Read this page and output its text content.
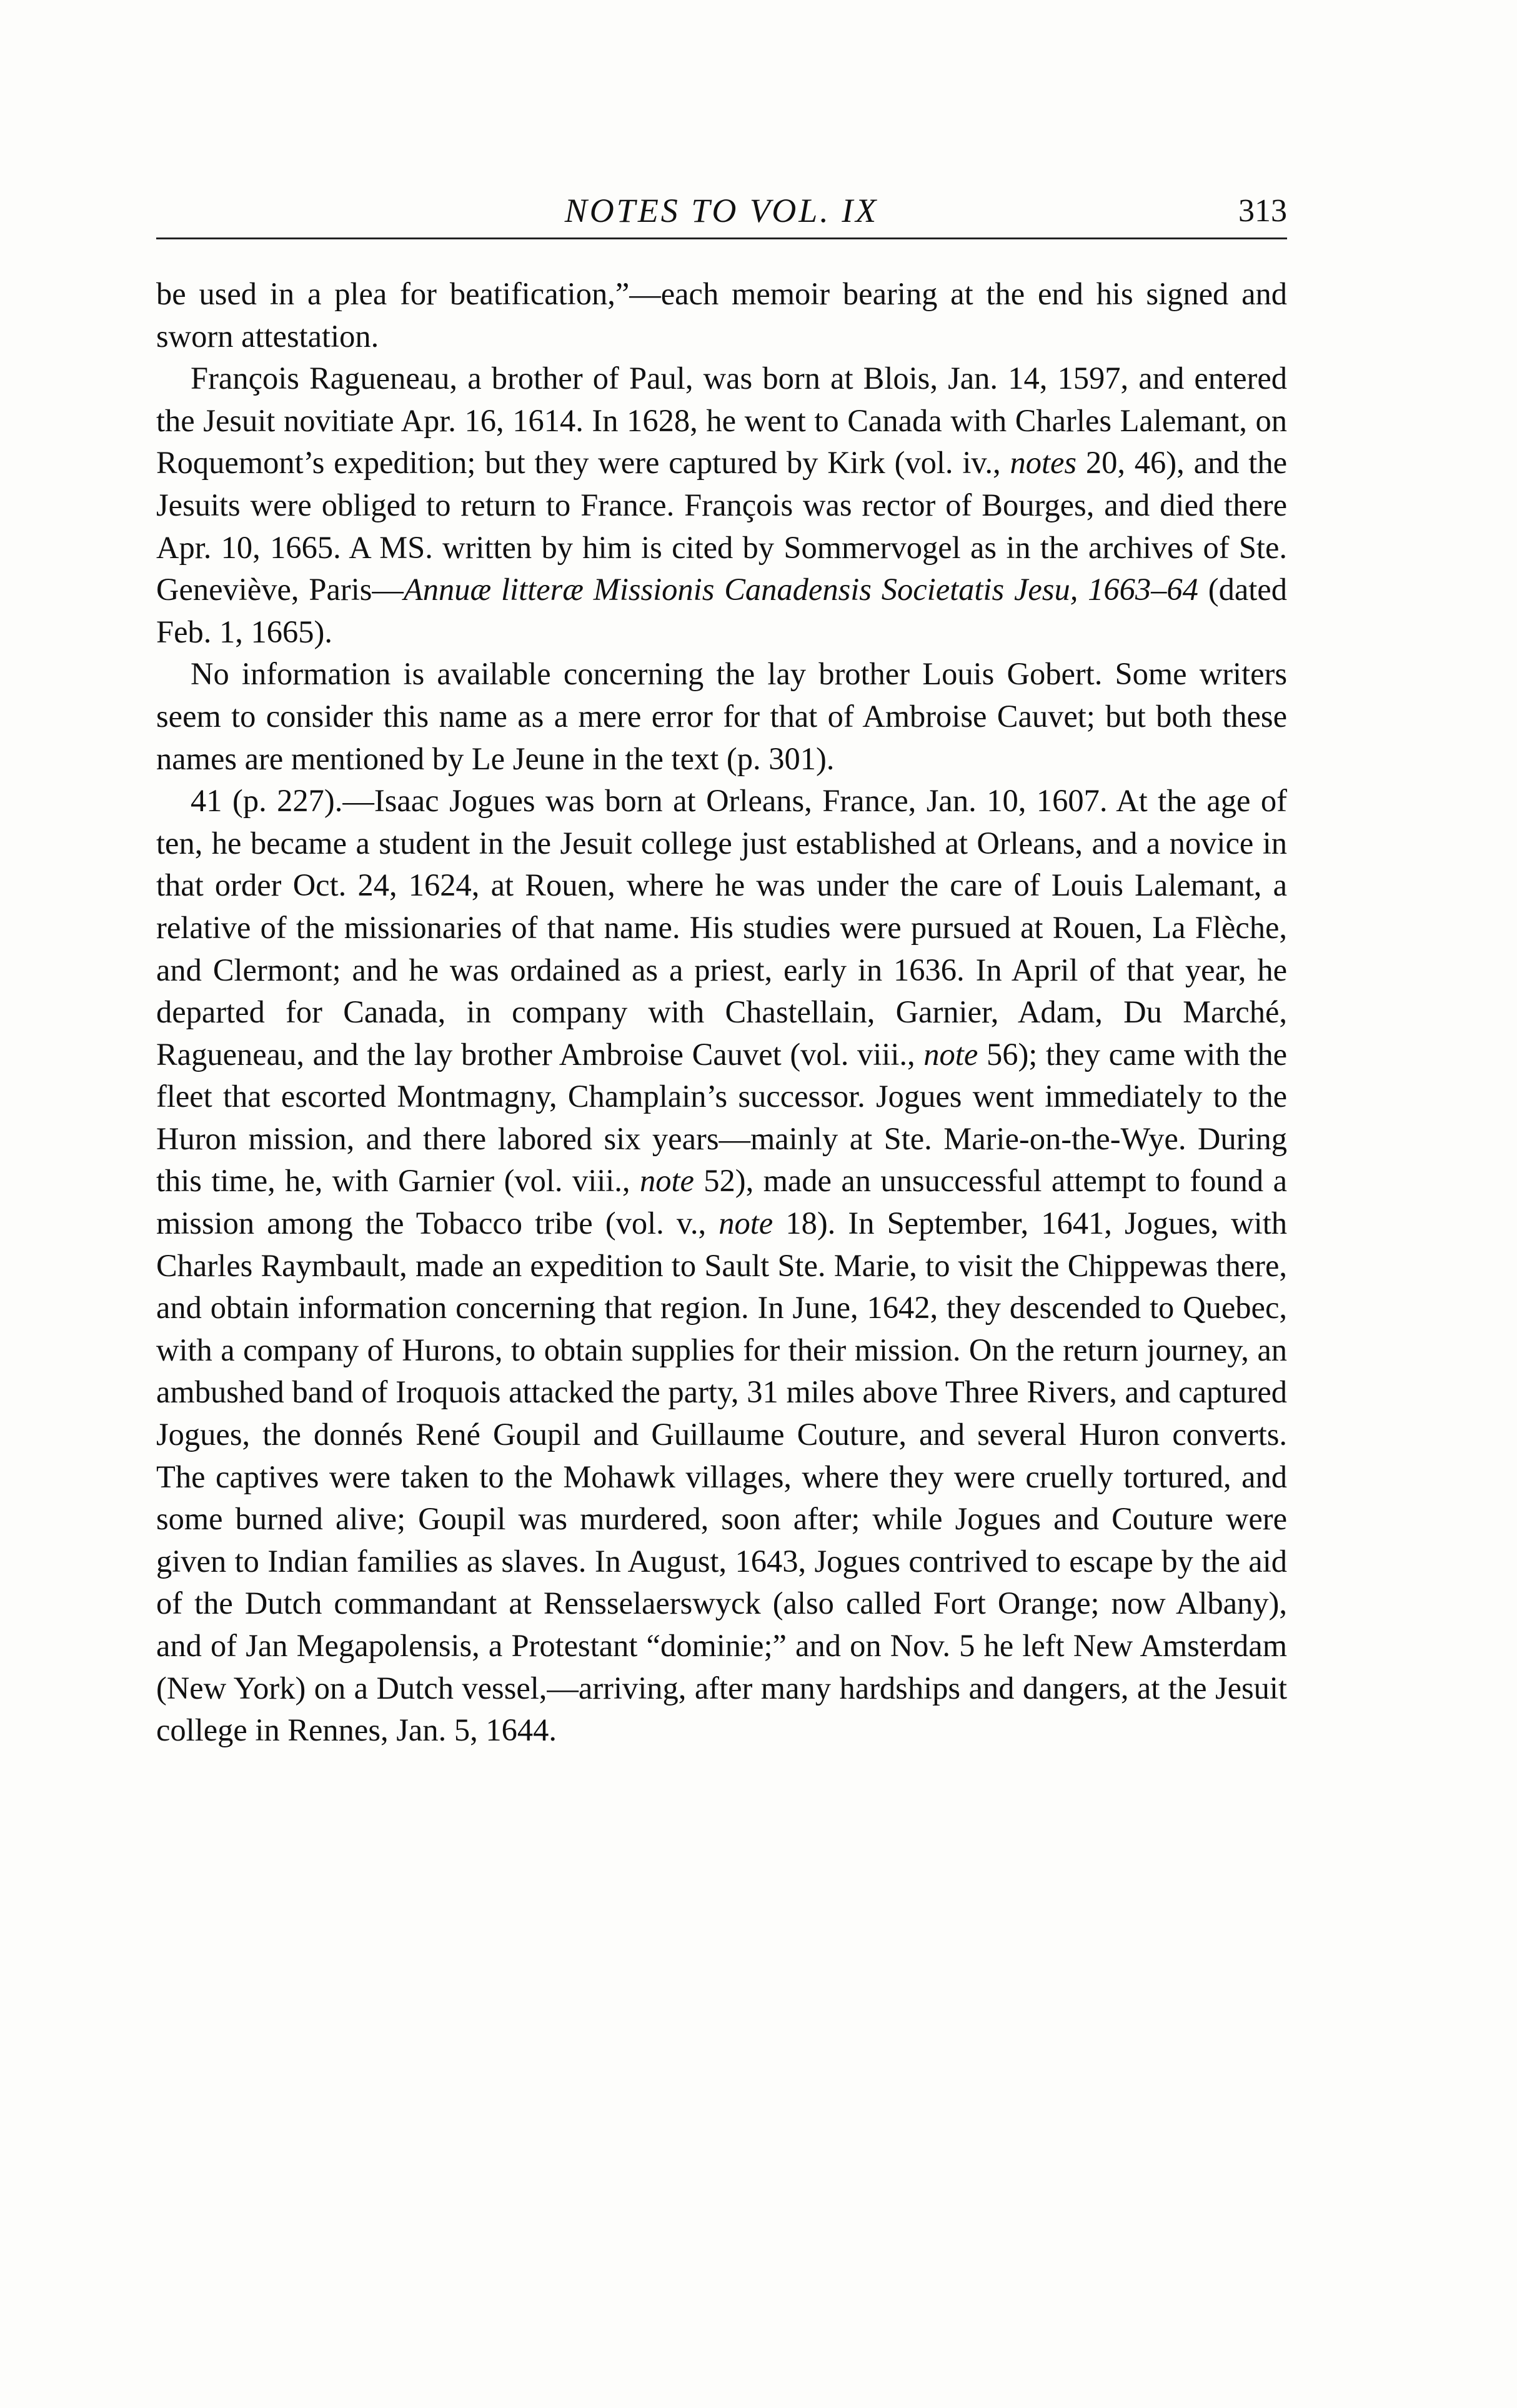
NOTES TO VOL. IX	313

be used in a plea for beatification,”—each memoir bearing at the end his signed and sworn attestation.

François Ragueneau, a brother of Paul, was born at Blois, Jan. 14, 1597, and entered the Jesuit novitiate Apr. 16, 1614. In 1628, he went to Canada with Charles Lalemant, on Roquemont’s expedition; but they were captured by Kirk (vol. iv., notes 20, 46), and the Jesuits were obliged to return to France. François was rector of Bourges, and died there Apr. 10, 1665. A MS. written by him is cited by Sommervogel as in the archives of Ste. Geneviève, Paris—Annuæ litteræ Missionis Canadensis Societatis Jesu, 1663–64 (dated Feb. 1, 1665).

No information is available concerning the lay brother Louis Gobert. Some writers seem to consider this name as a mere error for that of Ambroise Cauvet; but both these names are mentioned by Le Jeune in the text (p. 301).

41 (p. 227).—Isaac Jogues was born at Orleans, France, Jan. 10, 1607. At the age of ten, he became a student in the Jesuit college just established at Orleans, and a novice in that order Oct. 24, 1624, at Rouen, where he was under the care of Louis Lalemant, a relative of the missionaries of that name. His studies were pursued at Rouen, La Flèche, and Clermont; and he was ordained as a priest, early in 1636. In April of that year, he departed for Canada, in company with Chastellain, Garnier, Adam, Du Marché, Ragueneau, and the lay brother Ambroise Cauvet (vol. viii., note 56); they came with the fleet that escorted Montmagny, Champlain’s successor. Jogues went immediately to the Huron mission, and there labored six years—mainly at Ste. Marie-on-the-Wye. During this time, he, with Garnier (vol. viii., note 52), made an unsuccessful attempt to found a mission among the Tobacco tribe (vol. v., note 18). In September, 1641, Jogues, with Charles Raymbault, made an expedition to Sault Ste. Marie, to visit the Chippewas there, and obtain information concerning that region. In June, 1642, they descended to Quebec, with a company of Hurons, to obtain supplies for their mission. On the return journey, an ambushed band of Iroquois attacked the party, 31 miles above Three Rivers, and captured Jogues, the donnés René Goupil and Guillaume Couture, and several Huron converts. The captives were taken to the Mohawk villages, where they were cruelly tortured, and some burned alive; Goupil was murdered, soon after; while Jogues and Couture were given to Indian families as slaves. In August, 1643, Jogues contrived to escape by the aid of the Dutch commandant at Rensselaerswyck (also called Fort Orange; now Albany), and of Jan Megapolensis, a Protestant “dominie;” and on Nov. 5 he left New Amsterdam (New York) on a Dutch vessel,—arriving, after many hardships and dangers, at the Jesuit college in Rennes, Jan. 5, 1644.
